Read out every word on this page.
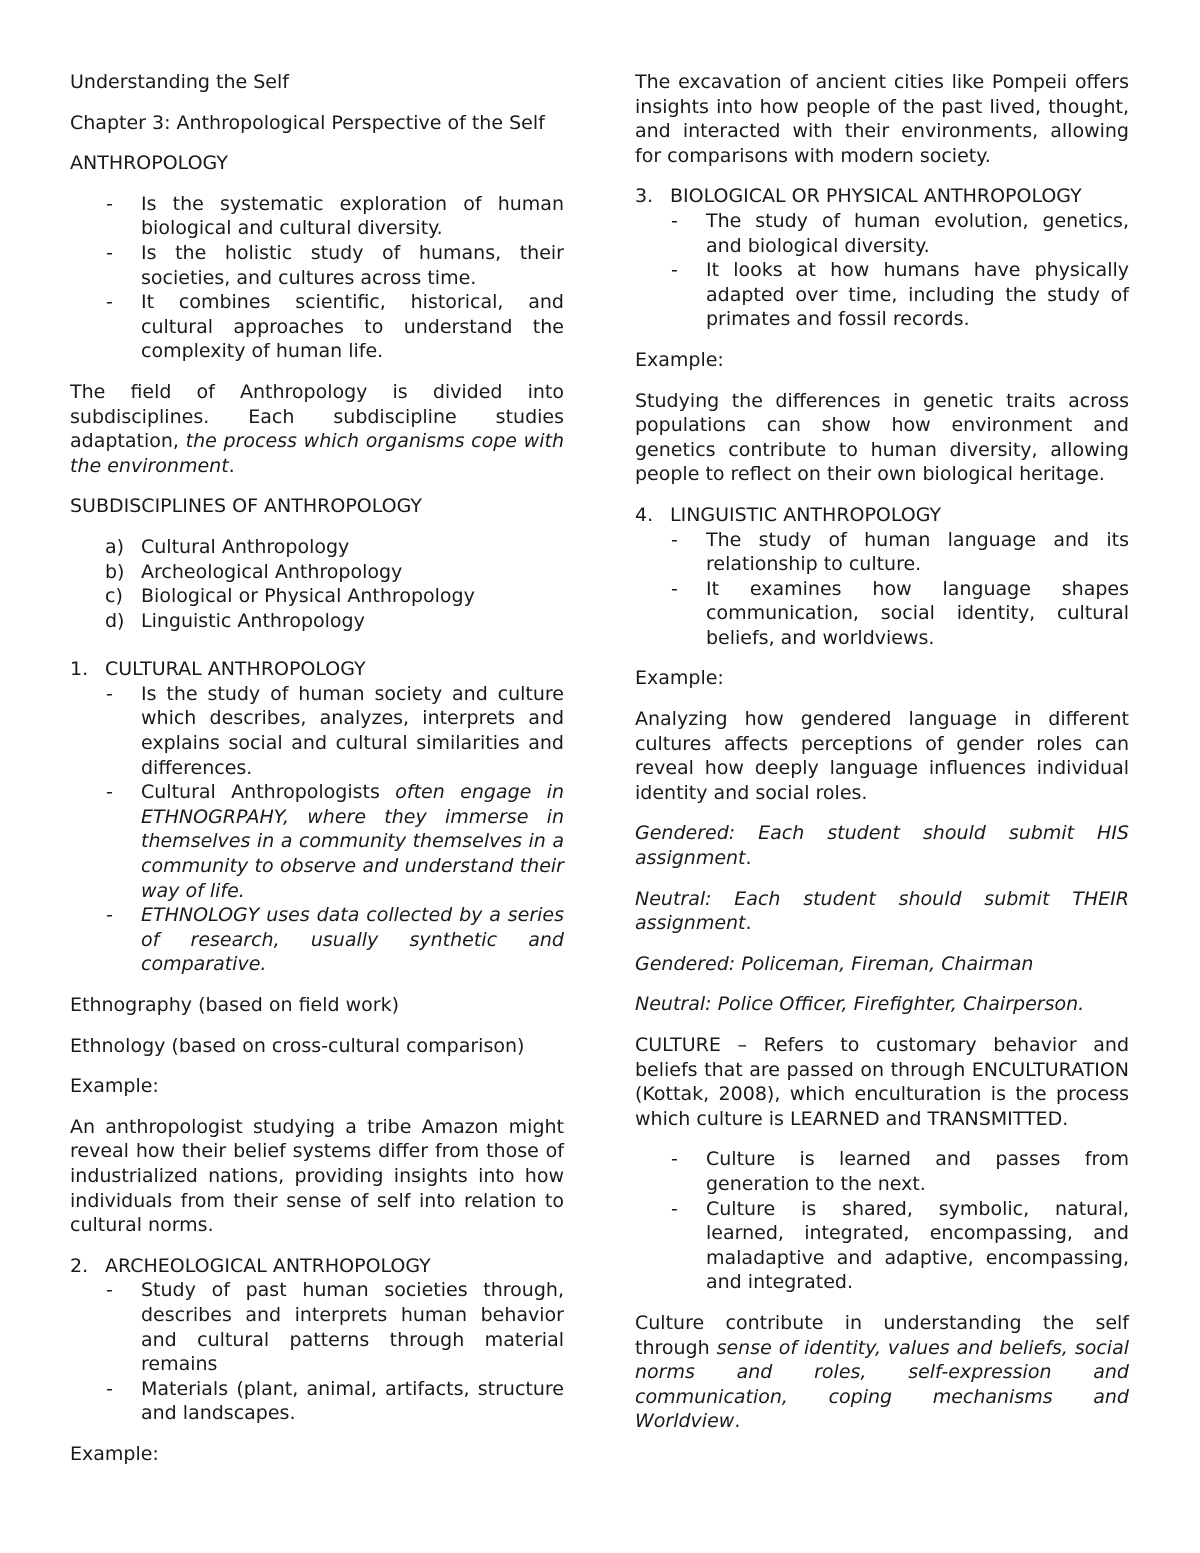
Understanding the Self

Chapter 3: Anthropological Perspective of the Self

ANTHROPOLOGY

- Is the systematic exploration of human biological and cultural diversity.
- Is the holistic study of humans, their societies, and cultures across time.
- It combines scientific, historical, and cultural approaches to understand the complexity of human life.

The field of Anthropology is divided into subdisciplines. Each subdiscipline studies adaptation, the process which organisms cope with the environment.

SUBDISCIPLINES OF ANTHROPOLOGY

a) Cultural Anthropology
b) Archeological Anthropology
c) Biological or Physical Anthropology
d) Linguistic Anthropology
1. CULTURAL ANTHROPOLOGY
- Is the study of human society and culture which describes, analyzes, interprets and explains social and cultural similarities and differences.
- Cultural Anthropologists often engage in ETHNOGRPAHY, where they immerse in themselves in a community themselves in a community to observe and understand their way of life.
- ETHNOLOGY uses data collected by a series of research, usually synthetic and comparative.

Ethnography (based on field work)

Ethnology (based on cross-cultural comparison)

Example:

An anthropologist studying a tribe Amazon might reveal how their belief systems differ from those of industrialized nations, providing insights into how individuals from their sense of self into relation to cultural norms.

2. ARCHEOLOGICAL ANTRHOPOLOGY
- Study of past human societies through, describes and interprets human behavior and cultural patterns through material remains
- Materials (plant, animal, artifacts, structure and landscapes.

Example:

The excavation of ancient cities like Pompeii offers insights into how people of the past lived, thought, and interacted with their environments, allowing for comparisons with modern society.

3. BIOLOGICAL OR PHYSICAL ANTHROPOLOGY
- The study of human evolution, genetics, and biological diversity.
- It looks at how humans have physically adapted over time, including the study of primates and fossil records.

Example:

Studying the differences in genetic traits across populations can show how environment and genetics contribute to human diversity, allowing people to reflect on their own biological heritage.

4. LINGUISTIC ANTHROPOLOGY
- The study of human language and its relationship to culture.
- It examines how language shapes communication, social identity, cultural beliefs, and worldviews.

Example:

Analyzing how gendered language in different cultures affects perceptions of gender roles can reveal how deeply language influences individual identity and social roles.

Gendered: Each student should submit HIS assignment.

Neutral: Each student should submit THEIR assignment.

Gendered: Policeman, Fireman, Chairman

Neutral: Police Officer, Firefighter, Chairperson.

CULTURE – Refers to customary behavior and beliefs that are passed on through ENCULTURATION (Kottak, 2008), which enculturation is the process which culture is LEARNED and TRANSMITTED.

- Culture is learned and passes from generation to the next.
- Culture is shared, symbolic, natural, learned, integrated, encompassing, and maladaptive and adaptive, encompassing, and integrated.

Culture contribute in understanding the self through sense of identity, values and beliefs, social norms and roles, self-expression and communication, coping mechanisms and Worldview.
